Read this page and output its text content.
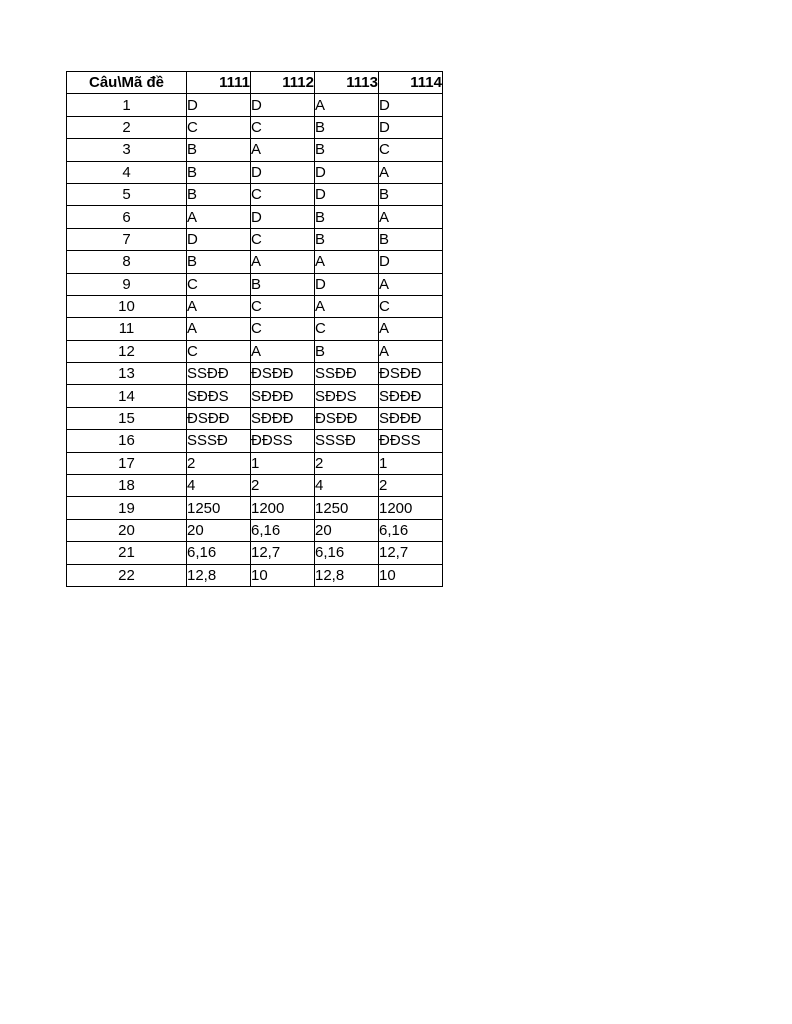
Câu\Mã đề	1111	1112	1113	1114
1	D	D	A	D
2	C	C	B	D
3	B	A	B	C
4	B	D	D	A
5	B	C	D	B
6	A	D	B	A
7	D	C	B	B
8	B	A	A	D
9	C	B	D	A
10	A	C	A	C
11	A	C	C	A
12	C	A	B	A
13	SSĐĐ	ĐSĐĐ	SSĐĐ	ĐSĐĐ
14	SĐĐS	SĐĐĐ	SĐĐS	SĐĐĐ
15	ĐSĐĐ	SĐĐĐ	ĐSĐĐ	SĐĐĐ
16	SSSĐ	ĐĐSS	SSSĐ	ĐĐSS
17	2	1	2	1
18	4	2	4	2
19	1250	1200	1250	1200
20	20	6,16	20	6,16
21	6,16	12,7	6,16	12,7
22	12,8	10	12,8	10
